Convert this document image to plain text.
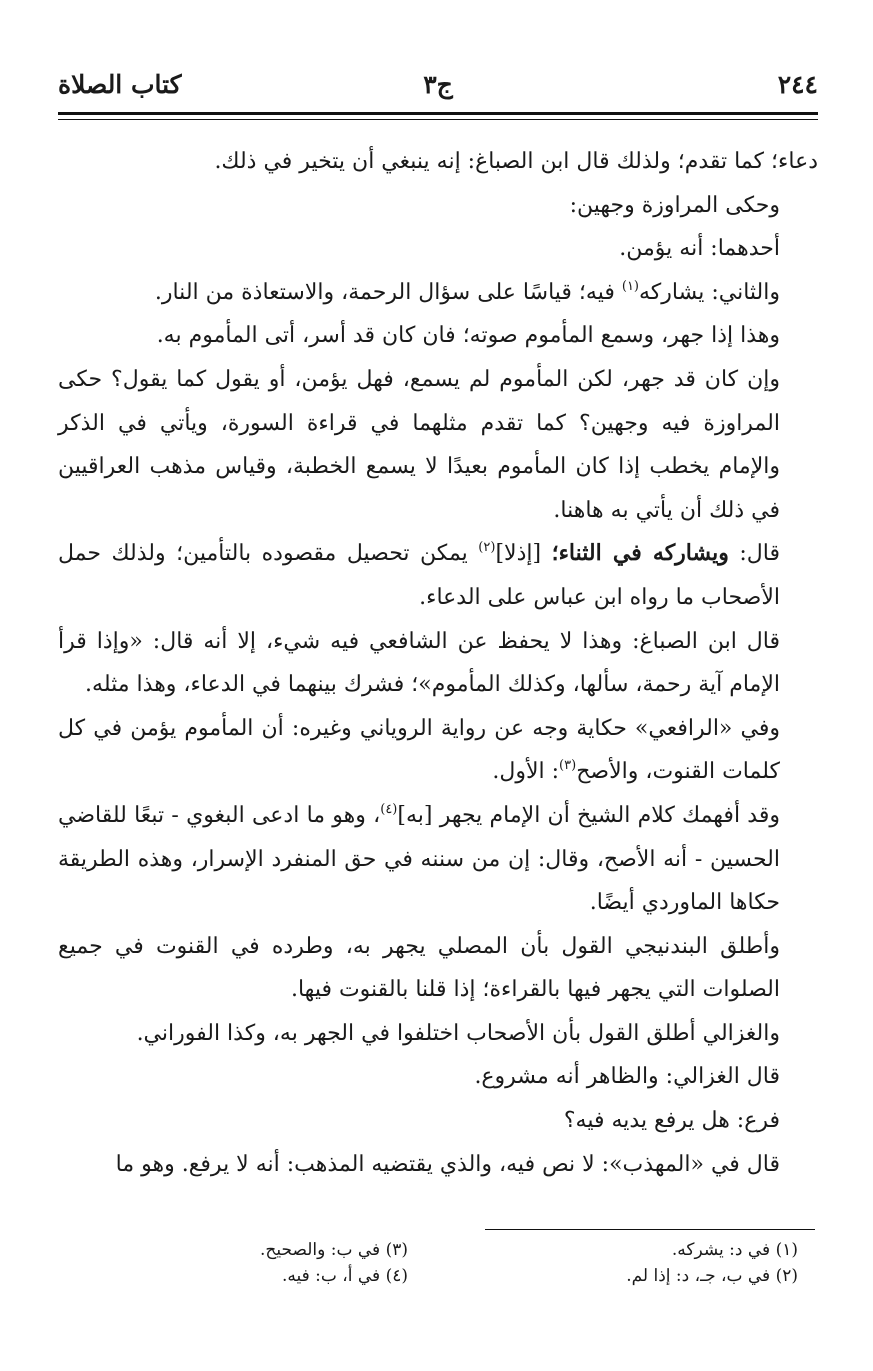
٢٤٤
ج٣
كتاب الصلاة

دعاء؛ كما تقدم؛ ولذلك قال ابن الصباغ: إنه ينبغي أن يتخير في ذلك.

وحكى المراوزة وجهين:

أحدهما: أنه يؤمن.

والثاني: يشاركه$^{(١)}$ فيه؛ قياسًا على سؤال الرحمة، والاستعاذة من النار.

وهذا إذا جهر، وسمع المأموم صوته؛ فان كان قد أسر، أتى المأموم به.

وإن كان قد جهر، لكن المأموم لم يسمع، فهل يؤمن، أو يقول كما يقول؟ حكى المراوزة فيه وجهين؟ كما تقدم مثلهما في قراءة السورة، ويأتي في الذكر والإمام يخطب إذا كان المأموم بعيدًا لا يسمع الخطبة، وقياس مذهب العراقيين في ذلك أن يأتي به هاهنا.

قال: ويشاركه في الثناء؛ [إذلا]$^{(٢)}$ يمكن تحصيل مقصوده بالتأمين؛ ولذلك حمل الأصحاب ما رواه ابن عباس على الدعاء.

قال ابن الصباغ: وهذا لا يحفظ عن الشافعي فيه شيء، إلا أنه قال: «وإذا قرأ الإمام آية رحمة، سألها، وكذلك المأموم»؛ فشرك بينهما في الدعاء، وهذا مثله.

وفي «الرافعي» حكاية وجه عن رواية الروياني وغيره: أن المأموم يؤمن في كل كلمات القنوت، والأصح$^{(٣)}$: الأول.

وقد أفهمك كلام الشيخ أن الإمام يجهر [به]$^{(٤)}$، وهو ما ادعى البغوي - تبعًا للقاضي الحسين - أنه الأصح، وقال: إن من سننه في حق المنفرد الإسرار، وهذه الطريقة حكاها الماوردي أيضًا.

وأطلق البندنيجي القول بأن المصلي يجهر به، وطرده في القنوت في جميع الصلوات التي يجهر فيها بالقراءة؛ إذا قلنا بالقنوت فيها.

والغزالي أطلق القول بأن الأصحاب اختلفوا في الجهر به، وكذا الفوراني.

قال الغزالي: والظاهر أنه مشروع.

فرع: هل يرفع يديه فيه؟

قال في «المهذب»: لا نص فيه، والذي يقتضيه المذهب: أنه لا يرفع. وهو ما

(١) في د: يشركه.
(٣) في ب: والصحيح.
(٢) في ب، جـ، د: إذا لم.
(٤) في أ، ب: فيه.
